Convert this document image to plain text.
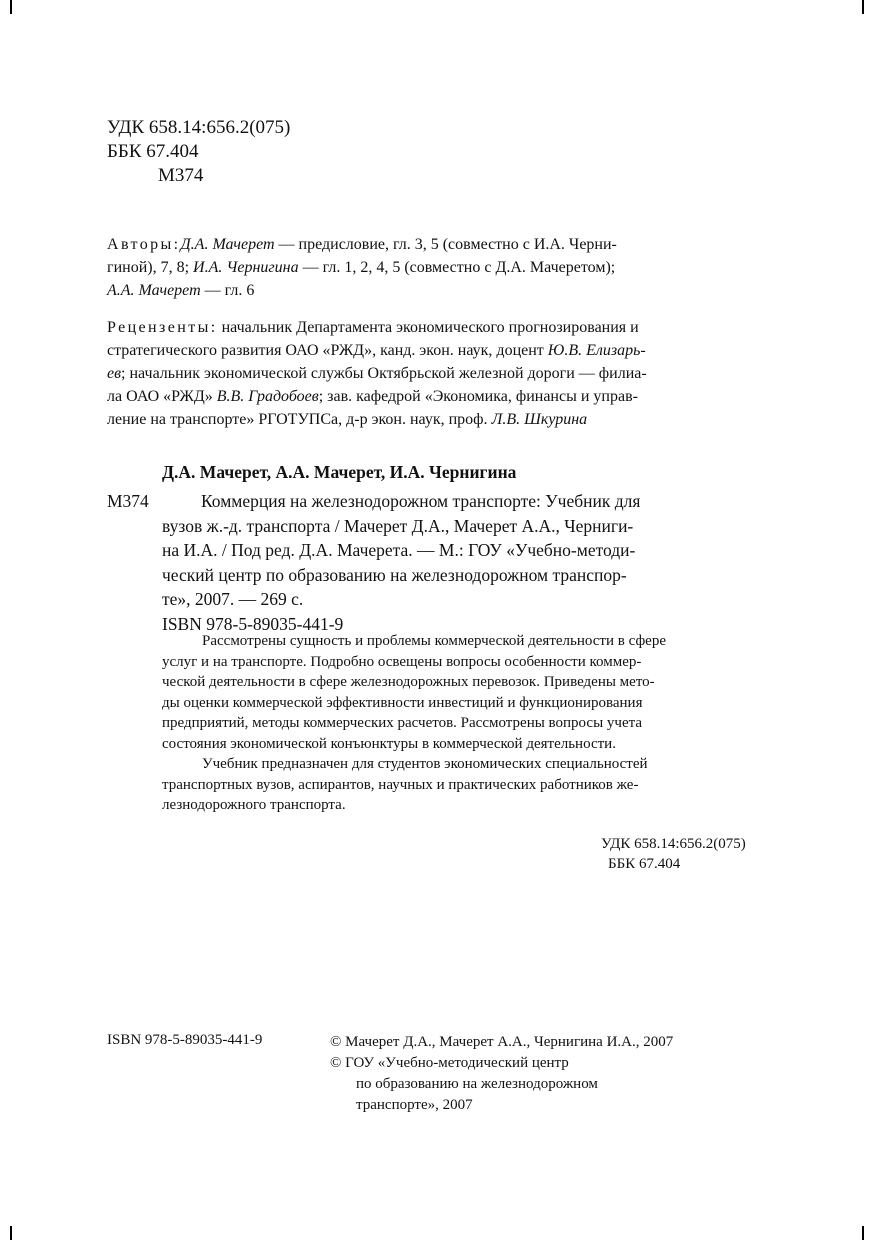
УДК 658.14:656.2(075)
ББК 67.404
М374
Авторы:Д.А. Мачерет — предисловие, гл. 3, 5 (совместно с И.А. Черни-
гиной), 7, 8; И.А. Чернигина — гл. 1, 2, 4, 5 (совместно с Д.А. Мачеретом);
А.А. Мачерет — гл. 6
Рецензенты: начальник Департамента экономического прогнозирования и
стратегического развития ОАО «РЖД», канд. экон. наук, доцент Ю.В. Елизарь-
ев; начальник экономической службы Октябрьской железной дороги — филиа-
ла ОАО «РЖД» В.В. Градобоев; зав. кафедрой «Экономика, финансы и управ-
ление на транспорте» РГОТУПСа, д-р экон. наук, проф. Л.В. Шкурина
Д.А. Мачерет, А.А. Мачерет, И.А. Чернигина
М374	Коммерция на железнодорожном транспорте: Учебник для
вузов ж.-д. транспорта / Мачерет Д.А., Мачерет А.А., Черниги-
на И.А. / Под ред. Д.А. Мачерета. — М.: ГОУ «Учебно-методи-
ческий центр по образованию на железнодорожном транспор-
те», 2007. — 269 с.
ISBN 978-5-89035-441-9
Рассмотрены сущность и проблемы коммерческой деятельности в сфере
услуг и на транспорте. Подробно освещены вопросы особенности коммер-
ческой деятельности в сфере железнодорожных перевозок. Приведены мето-
ды оценки коммерческой эффективности инвестиций и функционирования
предприятий, методы коммерческих расчетов. Рассмотрены вопросы учета
состояния экономической конъюнктуры в коммерческой деятельности.
Учебник предназначен для студентов экономических специальностей
транспортных вузов, аспирантов, научных и практических работников же-
лезнодорожного транспорта.
УДК 658.14:656.2(075)
ББК 67.404
ISBN 978-5-89035-441-9	© Мачерет Д.А., Мачерет А.А., Чернигина И.А., 2007
© ГОУ «Учебно-методический центр
по образованию на железнодорожном
транспорте», 2007
